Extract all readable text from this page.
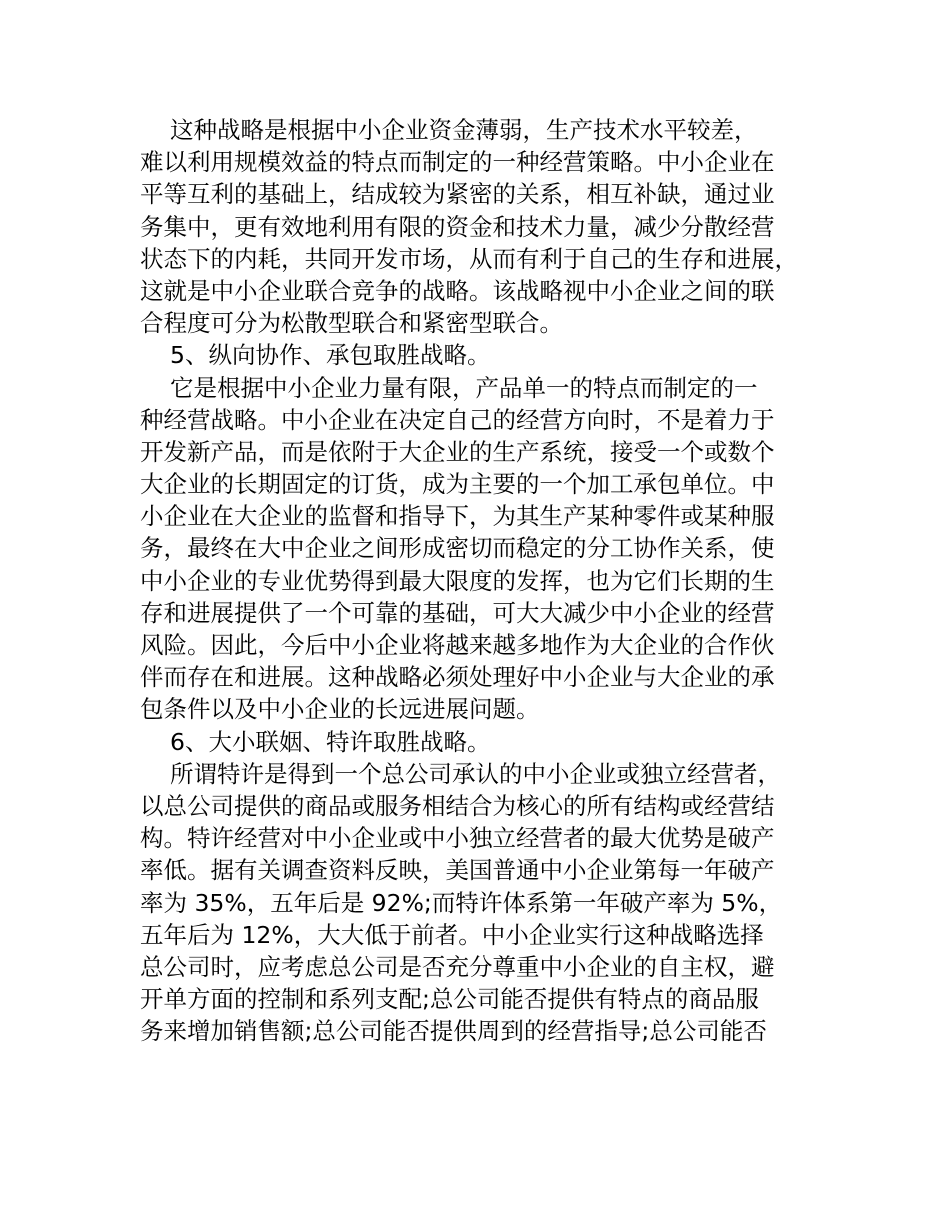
这种战略是根据中小企业资金薄弱，生产技术水平较差，
难以利用规模效益的特点而制定的一种经营策略。中小企业在
平等互利的基础上，结成较为紧密的关系，相互补缺，通过业
务集中，更有效地利用有限的资金和技术力量，减少分散经营
状态下的内耗，共同开发市场，从而有利于自己的生存和进展，
这就是中小企业联合竞争的战略。该战略视中小企业之间的联
合程度可分为松散型联合和紧密型联合。
5、纵向协作、承包取胜战略。
它是根据中小企业力量有限，产品单一的特点而制定的一
种经营战略。中小企业在决定自己的经营方向时，不是着力于
开发新产品，而是依附于大企业的生产系统，接受一个或数个
大企业的长期固定的订货，成为主要的一个加工承包单位。中
小企业在大企业的监督和指导下，为其生产某种零件或某种服
务，最终在大中企业之间形成密切而稳定的分工协作关系，使
中小企业的专业优势得到最大限度的发挥，也为它们长期的生
存和进展提供了一个可靠的基础，可大大减少中小企业的经营
风险。因此，今后中小企业将越来越多地作为大企业的合作伙
伴而存在和进展。这种战略必须处理好中小企业与大企业的承
包条件以及中小企业的长远进展问题。
6、大小联姻、特许取胜战略。
所谓特许是得到一个总公司承认的中小企业或独立经营者，
以总公司提供的商品或服务相结合为核心的所有结构或经营结
构。特许经营对中小企业或中小独立经营者的最大优势是破产
率低。据有关调查资料反映，美国普通中小企业第每一年破产
率为 35%，五年后是 92%;而特许体系第一年破产率为 5%，
五年后为 12%，大大低于前者。中小企业实行这种战略选择
总公司时，应考虑总公司是否充分尊重中小企业的自主权，避
开单方面的控制和系列支配;总公司能否提供有特点的商品服
务来增加销售额;总公司能否提供周到的经营指导;总公司能否
